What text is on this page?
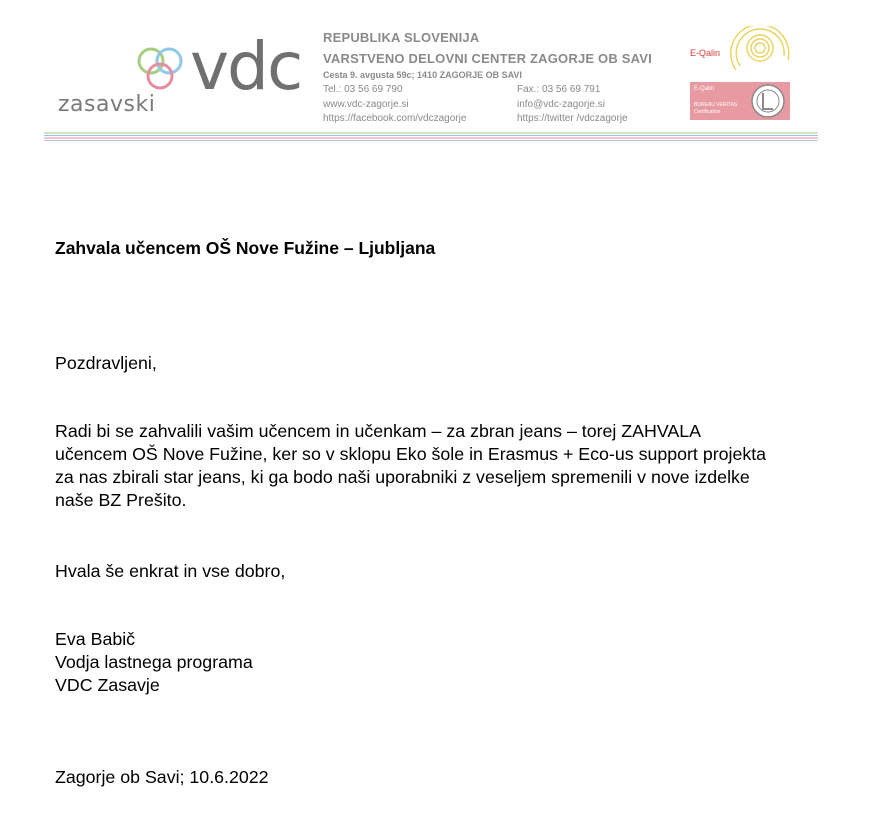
zasavski vdc REPUBLIKA SLOVENIJA
VARSTVENO DELOVNI CENTER ZAGORJE OB SAVI
Cesta 9. avgusta 59c; 1410 ZAGORJE OB SAVI
Tel.: 03 56 69 790	Fax.: 03 56 69 791
www.vdc-zagorje.si	info@vdc-zagorje.si
https://facebook.com/vdczagorje	https://twitter /vdczagorje
E-Qalin
E-Qalin
BUREAU VERITAS
Certification
Zahvala učencem OŠ Nove Fužine – Ljubljana
Pozdravljeni,
Radi bi se zahvalili vašim učencem in učenkam – za zbran jeans – torej ZAHVALA
učencem OŠ Nove Fužine, ker so v sklopu Eko šole in Erasmus + Eco-us support projekta
za nas zbirali star jeans, ki ga bodo naši uporabniki z veseljem spremenili v nove izdelke
naše BZ Prešito.
Hvala še enkrat in vse dobro,
Eva Babič
Vodja lastnega programa
VDC Zasavje
Zagorje ob Savi; 10.6.2022
